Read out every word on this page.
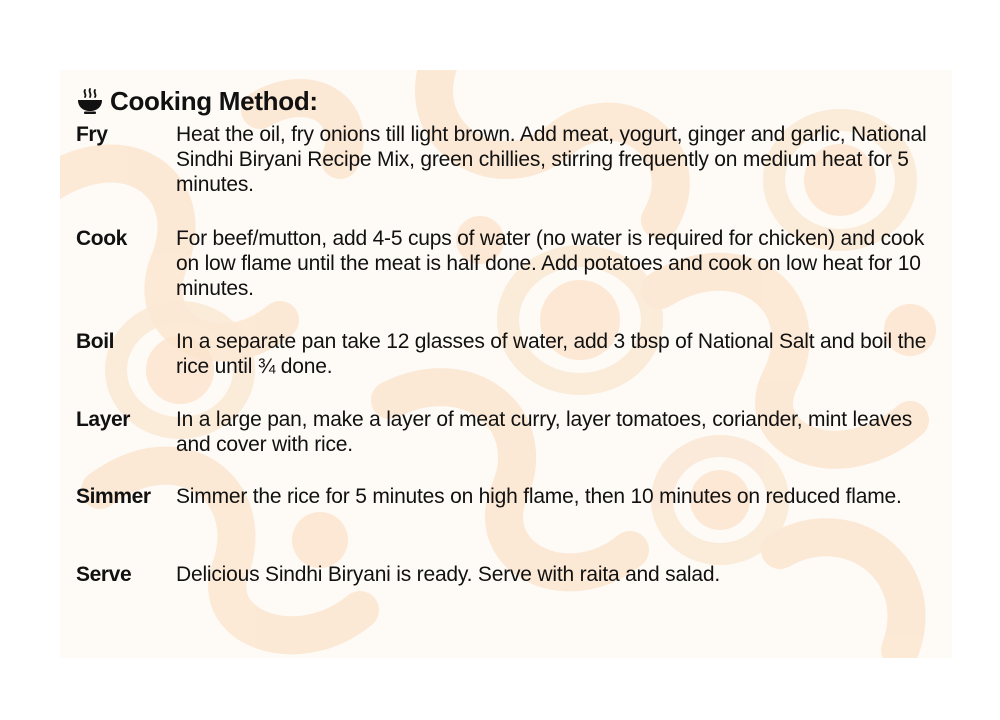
Cooking Method:
Fry	Heat the oil, fry onions till light brown. Add meat, yogurt, ginger and garlic, National Sindhi Biryani Recipe Mix, green chillies, stirring frequently on medium heat for 5 minutes.
Cook	For beef/mutton, add 4-5 cups of water (no water is required for chicken) and cook on low flame until the meat is half done. Add potatoes and cook on low heat for 10 minutes.
Boil	In a separate pan take 12 glasses of water, add 3 tbsp of National Salt and boil the rice until ¾ done.
Layer	In a large pan, make a layer of meat curry, layer tomatoes, coriander, mint leaves and cover with rice.
Simmer	Simmer the rice for 5 minutes on high flame, then 10 minutes on reduced flame.
Serve	Delicious Sindhi Biryani is ready. Serve with raita and salad.
